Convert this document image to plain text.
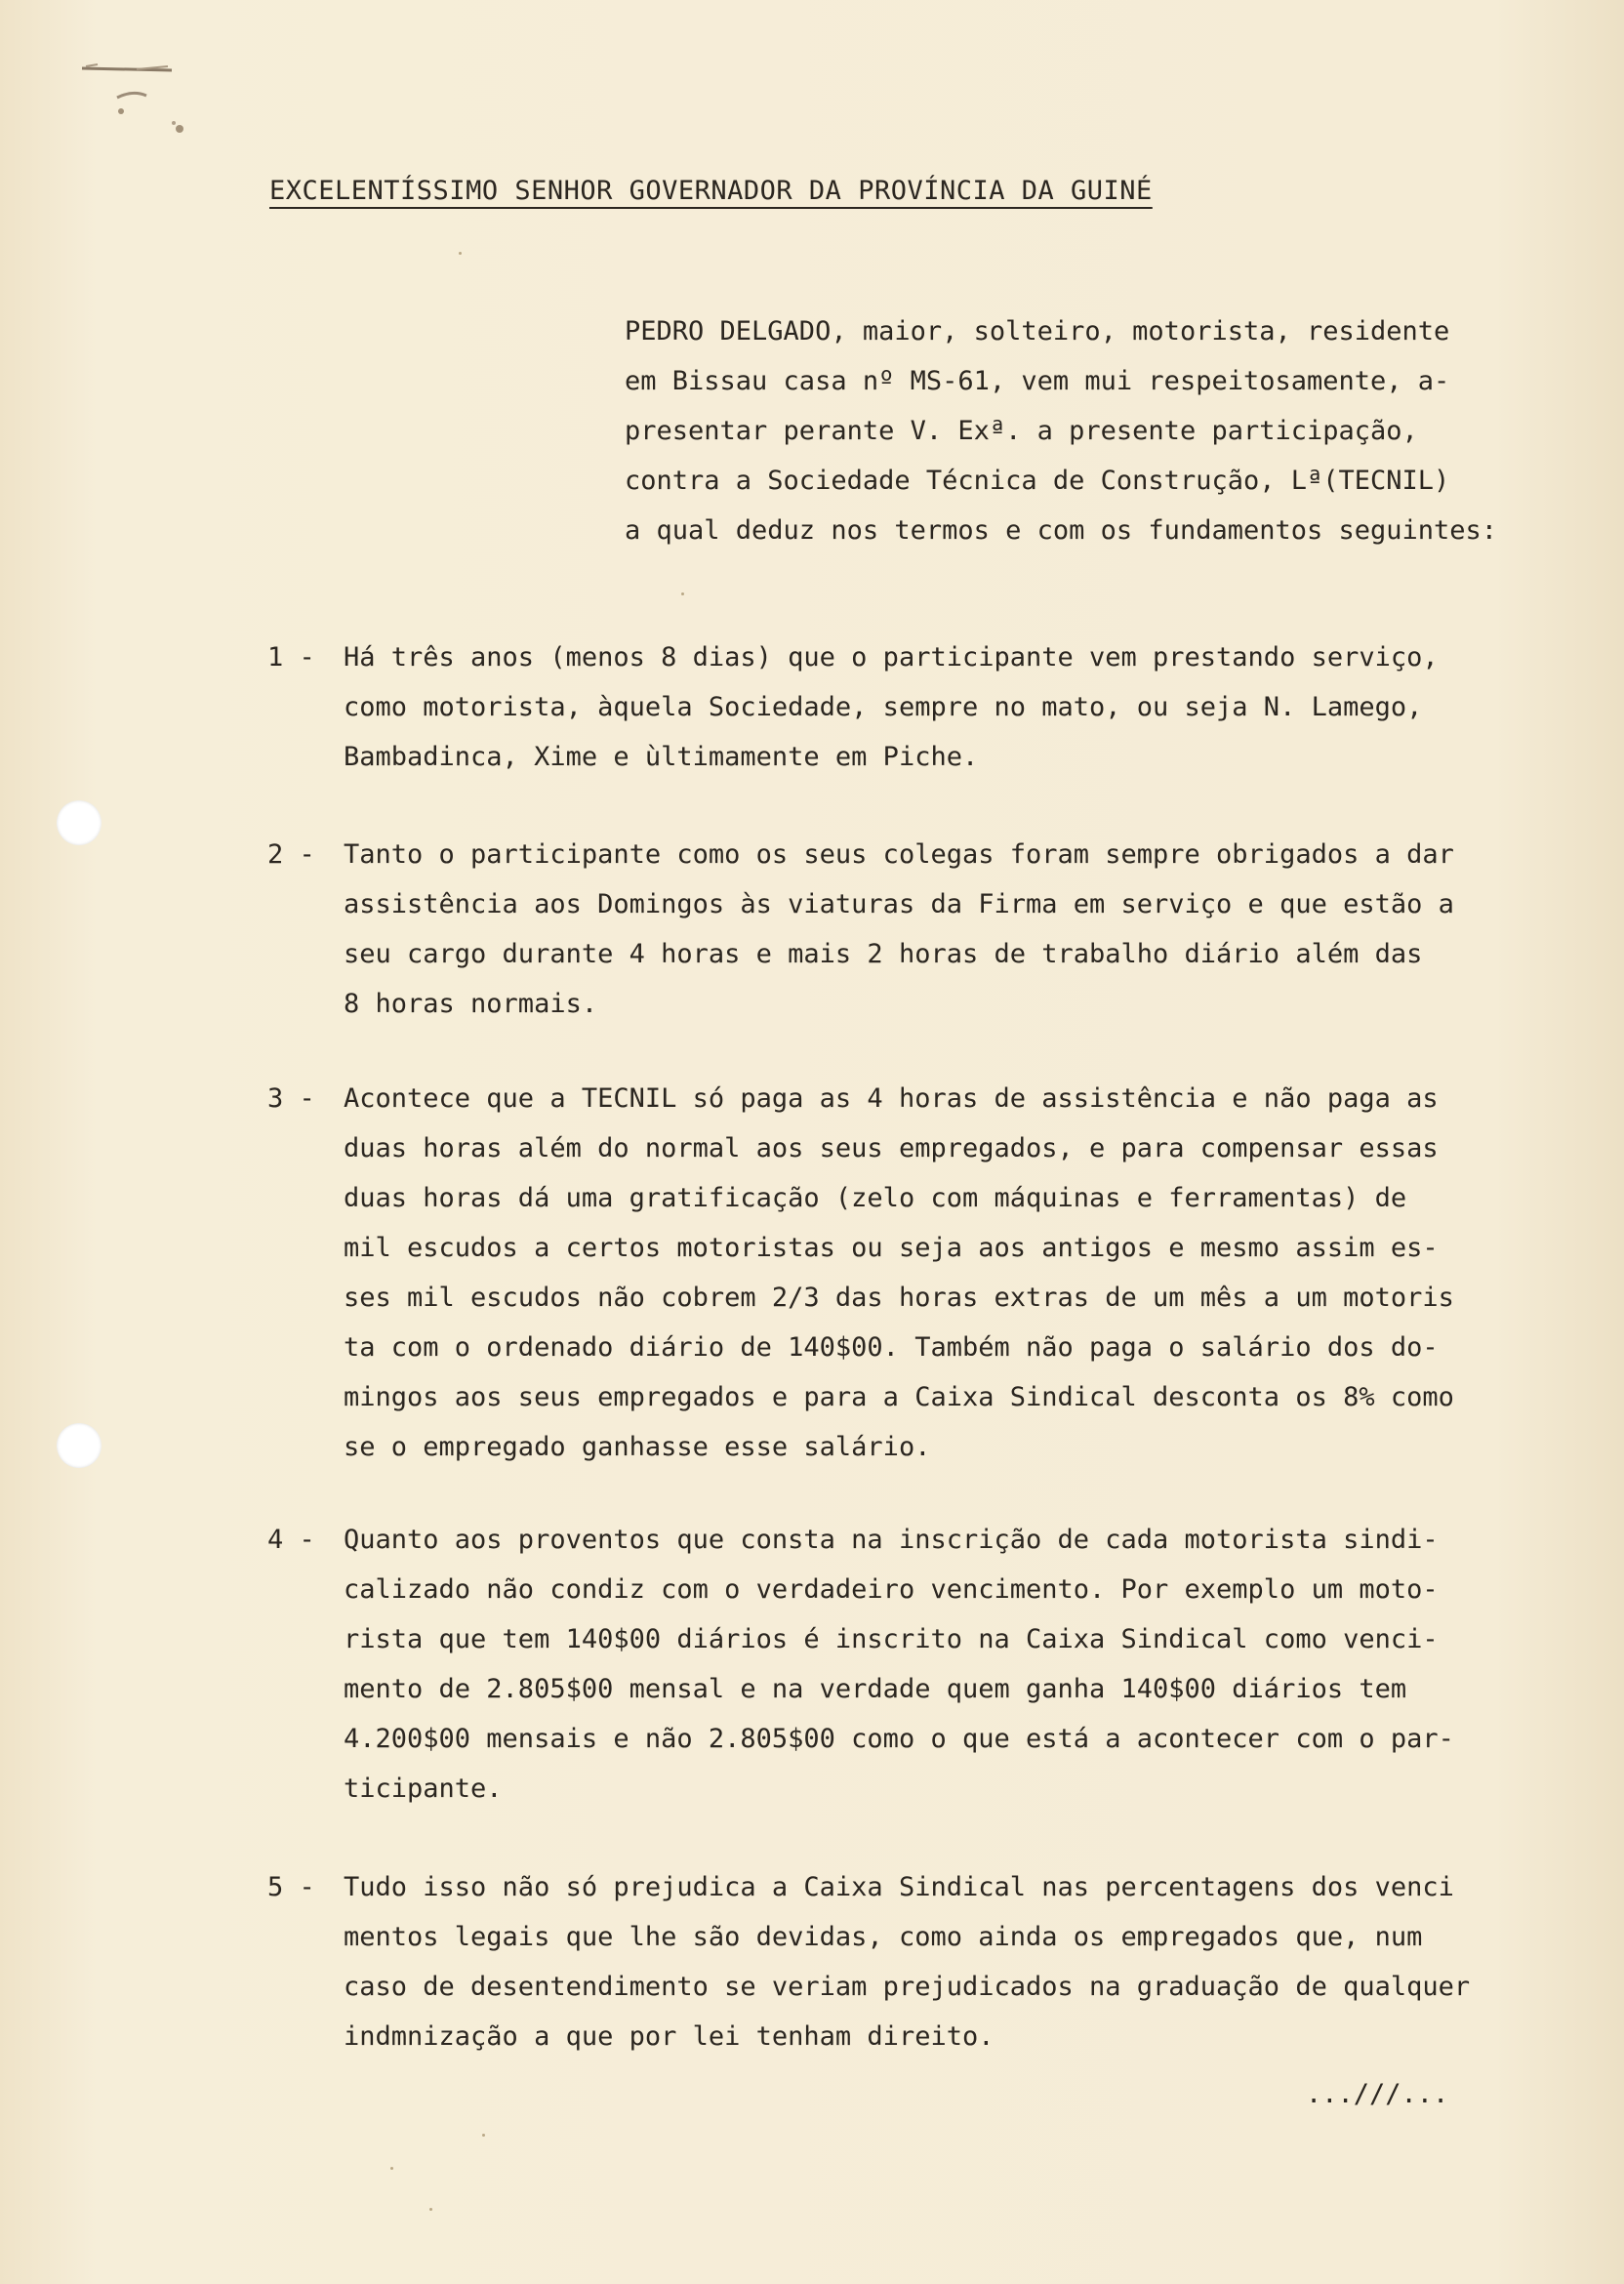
EXCELENTÍSSIMO SENHOR GOVERNADOR DA PROVÍNCIA DA GUINÉ
PEDRO DELGADO, maior, solteiro, motorista, residente
em Bissau casa nº MS-61, vem mui respeitosamente, a-
presentar perante V. Exª. a presente participação,
contra a Sociedade Técnica de Construção, Lª(TECNIL)
a qual deduz nos termos e com os fundamentos seguintes:
1 - Há três anos (menos 8 dias) que o participante vem prestando serviço,
como motorista, àquela Sociedade, sempre no mato, ou seja N. Lamego,
Bambadinca, Xime e ùltimamente em Piche.
2 - Tanto o participante como os seus colegas foram sempre obrigados a dar
assistência aos Domingos às viaturas da Firma em serviço e que estão a
seu cargo durante 4 horas e mais 2 horas de trabalho diário além das
8 horas normais.
3 - Acontece que a TECNIL só paga as 4 horas de assistência e não paga as
duas horas além do normal aos seus empregados, e para compensar essas
duas horas dá uma gratificação (zelo com máquinas e ferramentas) de
mil escudos a certos motoristas ou seja aos antigos e mesmo assim es-
ses mil escudos não cobrem 2/3 das horas extras de um mês a um motoris
ta com o ordenado diário de 140$00. Também não paga o salário dos do-
mingos aos seus empregados e para a Caixa Sindical desconta os 8% como
se o empregado ganhasse esse salário.
4 - Quanto aos proventos que consta na inscrição de cada motorista sindi-
calizado não condiz com o verdadeiro vencimento. Por exemplo um moto-
rista que tem 140$00 diários é inscrito na Caixa Sindical como venci-
mento de 2.805$00 mensal e na verdade quem ganha 140$00 diários tem
4.200$00 mensais e não 2.805$00 como o que está a acontecer com o par-
ticipante.
5 - Tudo isso não só prejudica a Caixa Sindical nas percentagens dos venci
mentos legais que lhe são devidas, como ainda os empregados que, num
caso de desentendimento se veriam prejudicados na graduação de qualquer
indmnização a que por lei tenham direito.
...///...
